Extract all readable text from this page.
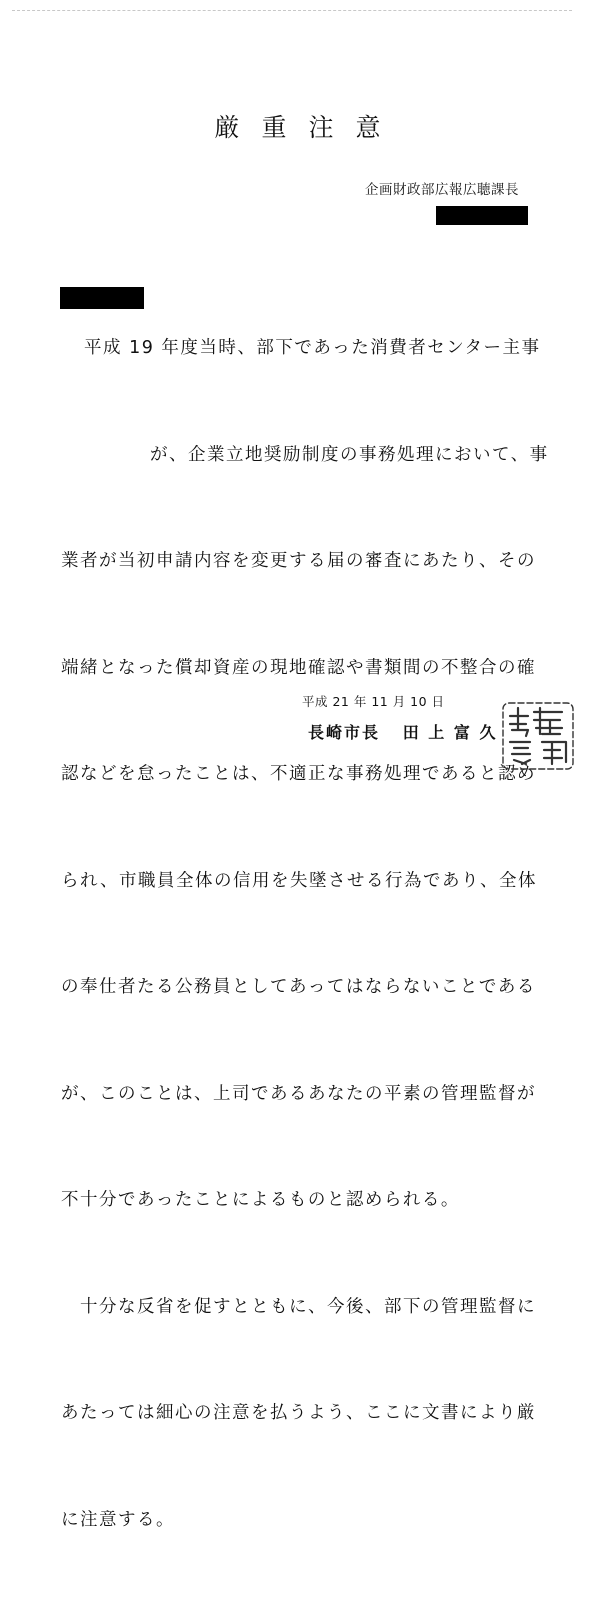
厳重注意
企画財政部広報広聴課長

平成 19 年度当時、部下であった消費者センター主事

が、企業立地奨励制度の事務処理において、事

業者が当初申請内容を変更する届の審査にあたり、その

端緒となった償却資産の現地確認や書類間の不整合の確

認などを怠ったことは、不適正な事務処理であると認め

られ、市職員全体の信用を失墜させる行為であり、全体

の奉仕者たる公務員としてあってはならないことである

が、このことは、上司であるあなたの平素の管理監督が

不十分であったことによるものと認められる。

十分な反省を促すとともに、今後、部下の管理監督に

あたっては細心の注意を払うよう、ここに文書により厳

に注意する。

平成 21 年 11 月 10 日
長崎市長 田 上 富 久
